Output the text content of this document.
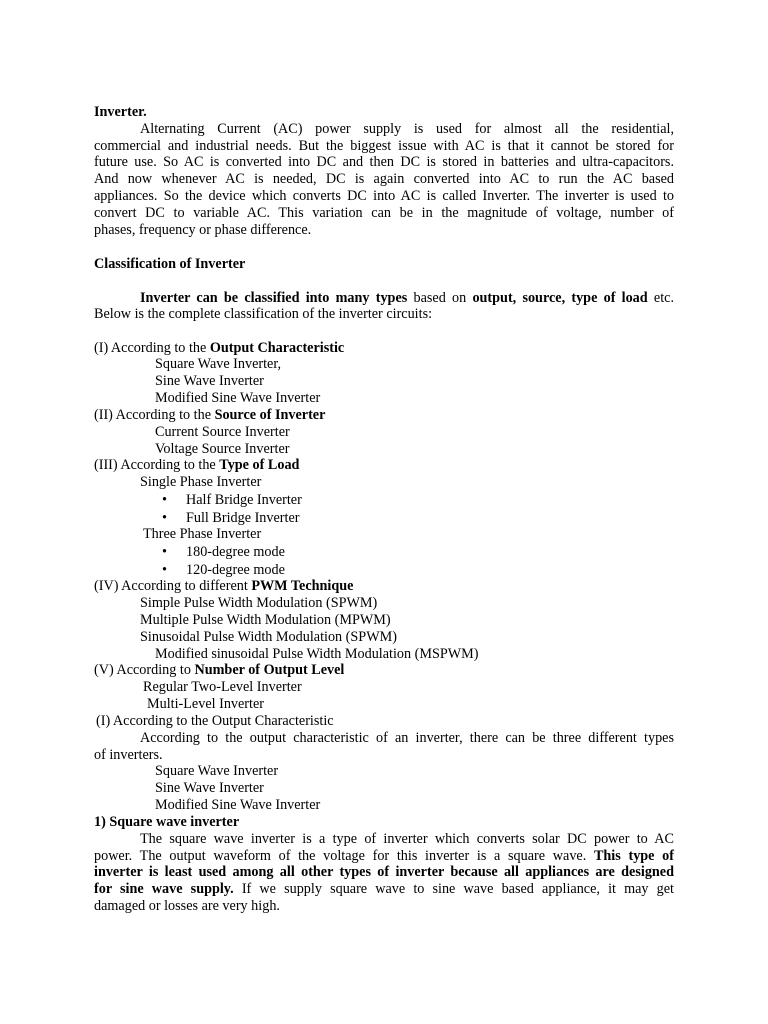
Inverter.
Alternating Current (AC) power supply is used for almost all the residential,
commercial and industrial needs. But the biggest issue with AC is that it cannot be stored for
future use. So AC is converted into DC and then DC is stored in batteries and ultra-capacitors.
And now whenever AC is needed, DC is again converted into AC to run the AC based
appliances. So the device which converts DC into AC is called Inverter. The inverter is used to
convert DC to variable AC. This variation can be in the magnitude of voltage, number of
phases, frequency or phase difference.
Classification of Inverter
Inverter can be classified into many types based on output, source, type of load etc.
Below is the complete classification of the inverter circuits:
(I) According to the Output Characteristic
Square Wave Inverter,
Sine Wave Inverter
Modified Sine Wave Inverter
(II) According to the Source of Inverter
Current Source Inverter
Voltage Source Inverter
(III) According to the Type of Load
Single Phase Inverter
• Half Bridge Inverter
• Full Bridge Inverter
Three Phase Inverter
• 180-degree mode
• 120-degree mode
(IV) According to different PWM Technique
Simple Pulse Width Modulation (SPWM)
Multiple Pulse Width Modulation (MPWM)
Sinusoidal Pulse Width Modulation (SPWM)
Modified sinusoidal Pulse Width Modulation (MSPWM)
(V) According to Number of Output Level
Regular Two-Level Inverter
Multi-Level Inverter
(I) According to the Output Characteristic
According to the output characteristic of an inverter, there can be three different types
of inverters.
Square Wave Inverter
Sine Wave Inverter
Modified Sine Wave Inverter
1) Square wave inverter
The square wave inverter is a type of inverter which converts solar DC power to AC
power. The output waveform of the voltage for this inverter is a square wave. This type of
inverter is least used among all other types of inverter because all appliances are designed
for sine wave supply. If we supply square wave to sine wave based appliance, it may get
damaged or losses are very high.
